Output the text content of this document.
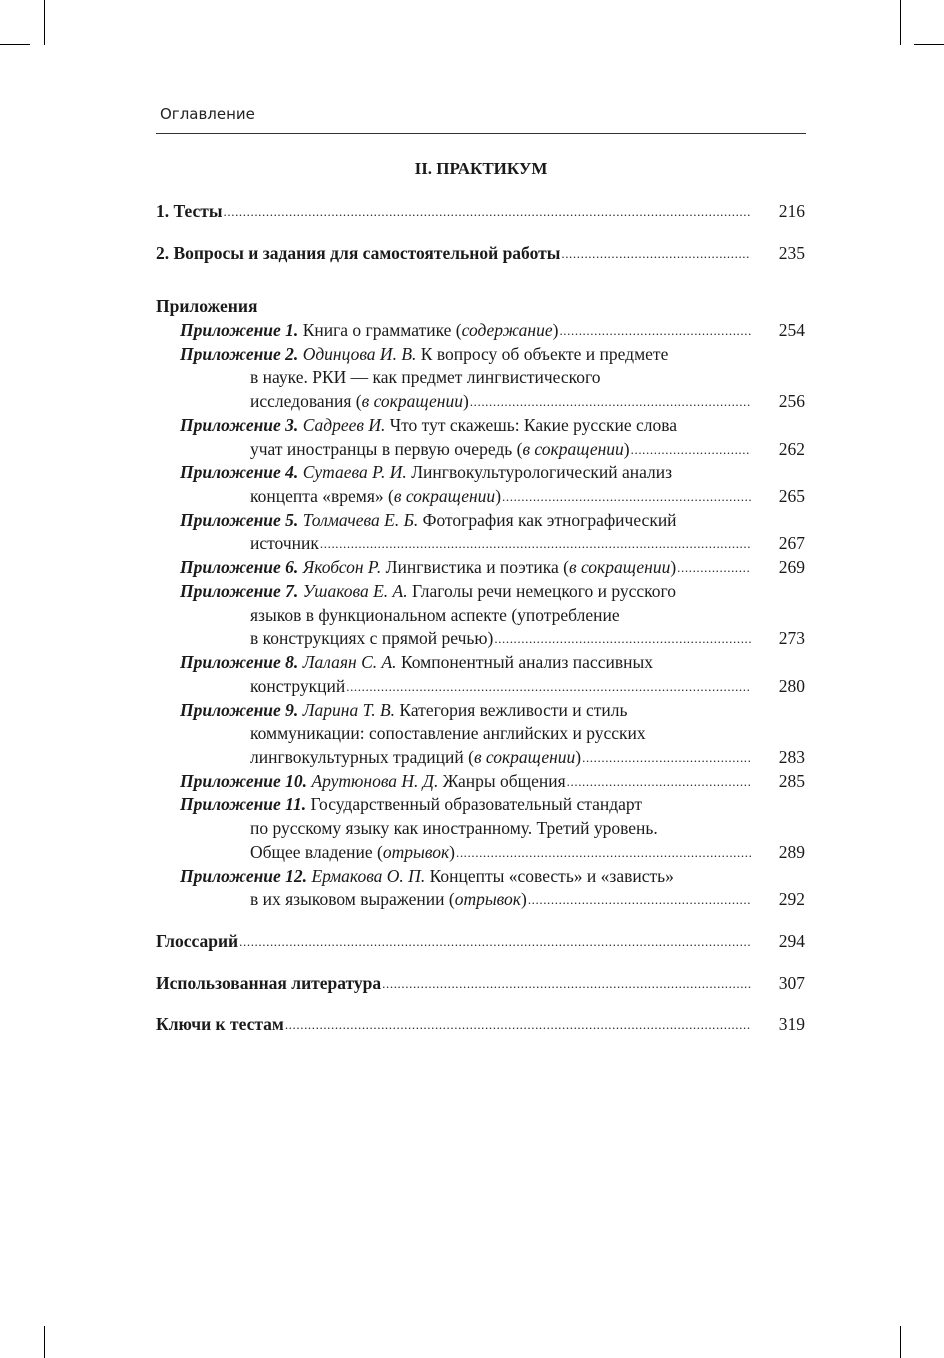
Оглавление
II. ПРАКТИКУМ
1. Тесты .....	216
2. Вопросы и задания для самостоятельной работы .....	235
Приложения
Приложение 1. Книга о грамматике (содержание) .....	254
Приложение 2. Одинцова И. В. К вопросу об объекте и предмете
в науке. РКИ — как предмет лингвистического
исследования (в сокращении) .....	256
Приложение 3. Садреев И. Что тут скажешь: Какие русские слова
учат иностранцы в первую очередь (в сокращении) .....	262
Приложение 4. Сутаева Р. И. Лингвокультурологический анализ
концепта «время» (в сокращении) .....	265
Приложение 5. Толмачева Е. Б. Фотография как этнографический
источник .....	267
Приложение 6. Якобсон Р. Лингвистика и поэтика (в сокращении) .....	269
Приложение 7. Ушакова Е. А. Глаголы речи немецкого и русского
языков в функциональном аспекте (употребление
в конструкциях с прямой речью) .....	273
Приложение 8. Лалаян С. А. Компонентный анализ пассивных
конструкций .....	280
Приложение 9. Ларина Т. В. Категория вежливости и стиль
коммуникации: сопоставление английских и русских
лингвокультурных традиций (в сокращении) .....	283
Приложение 10. Арутюнова Н. Д. Жанры общения .....	285
Приложение 11. Государственный образовательный стандарт
по русскому языку как иностранному. Третий уровень.
Общее владение (отрывок) .....	289
Приложение 12. Ермакова О. П. Концепты «совесть» и «зависть»
в их языковом выражении (отрывок) .....	292
Глоссарий .....	294
Использованная литература .....	307
Ключи к тестам .....	319
